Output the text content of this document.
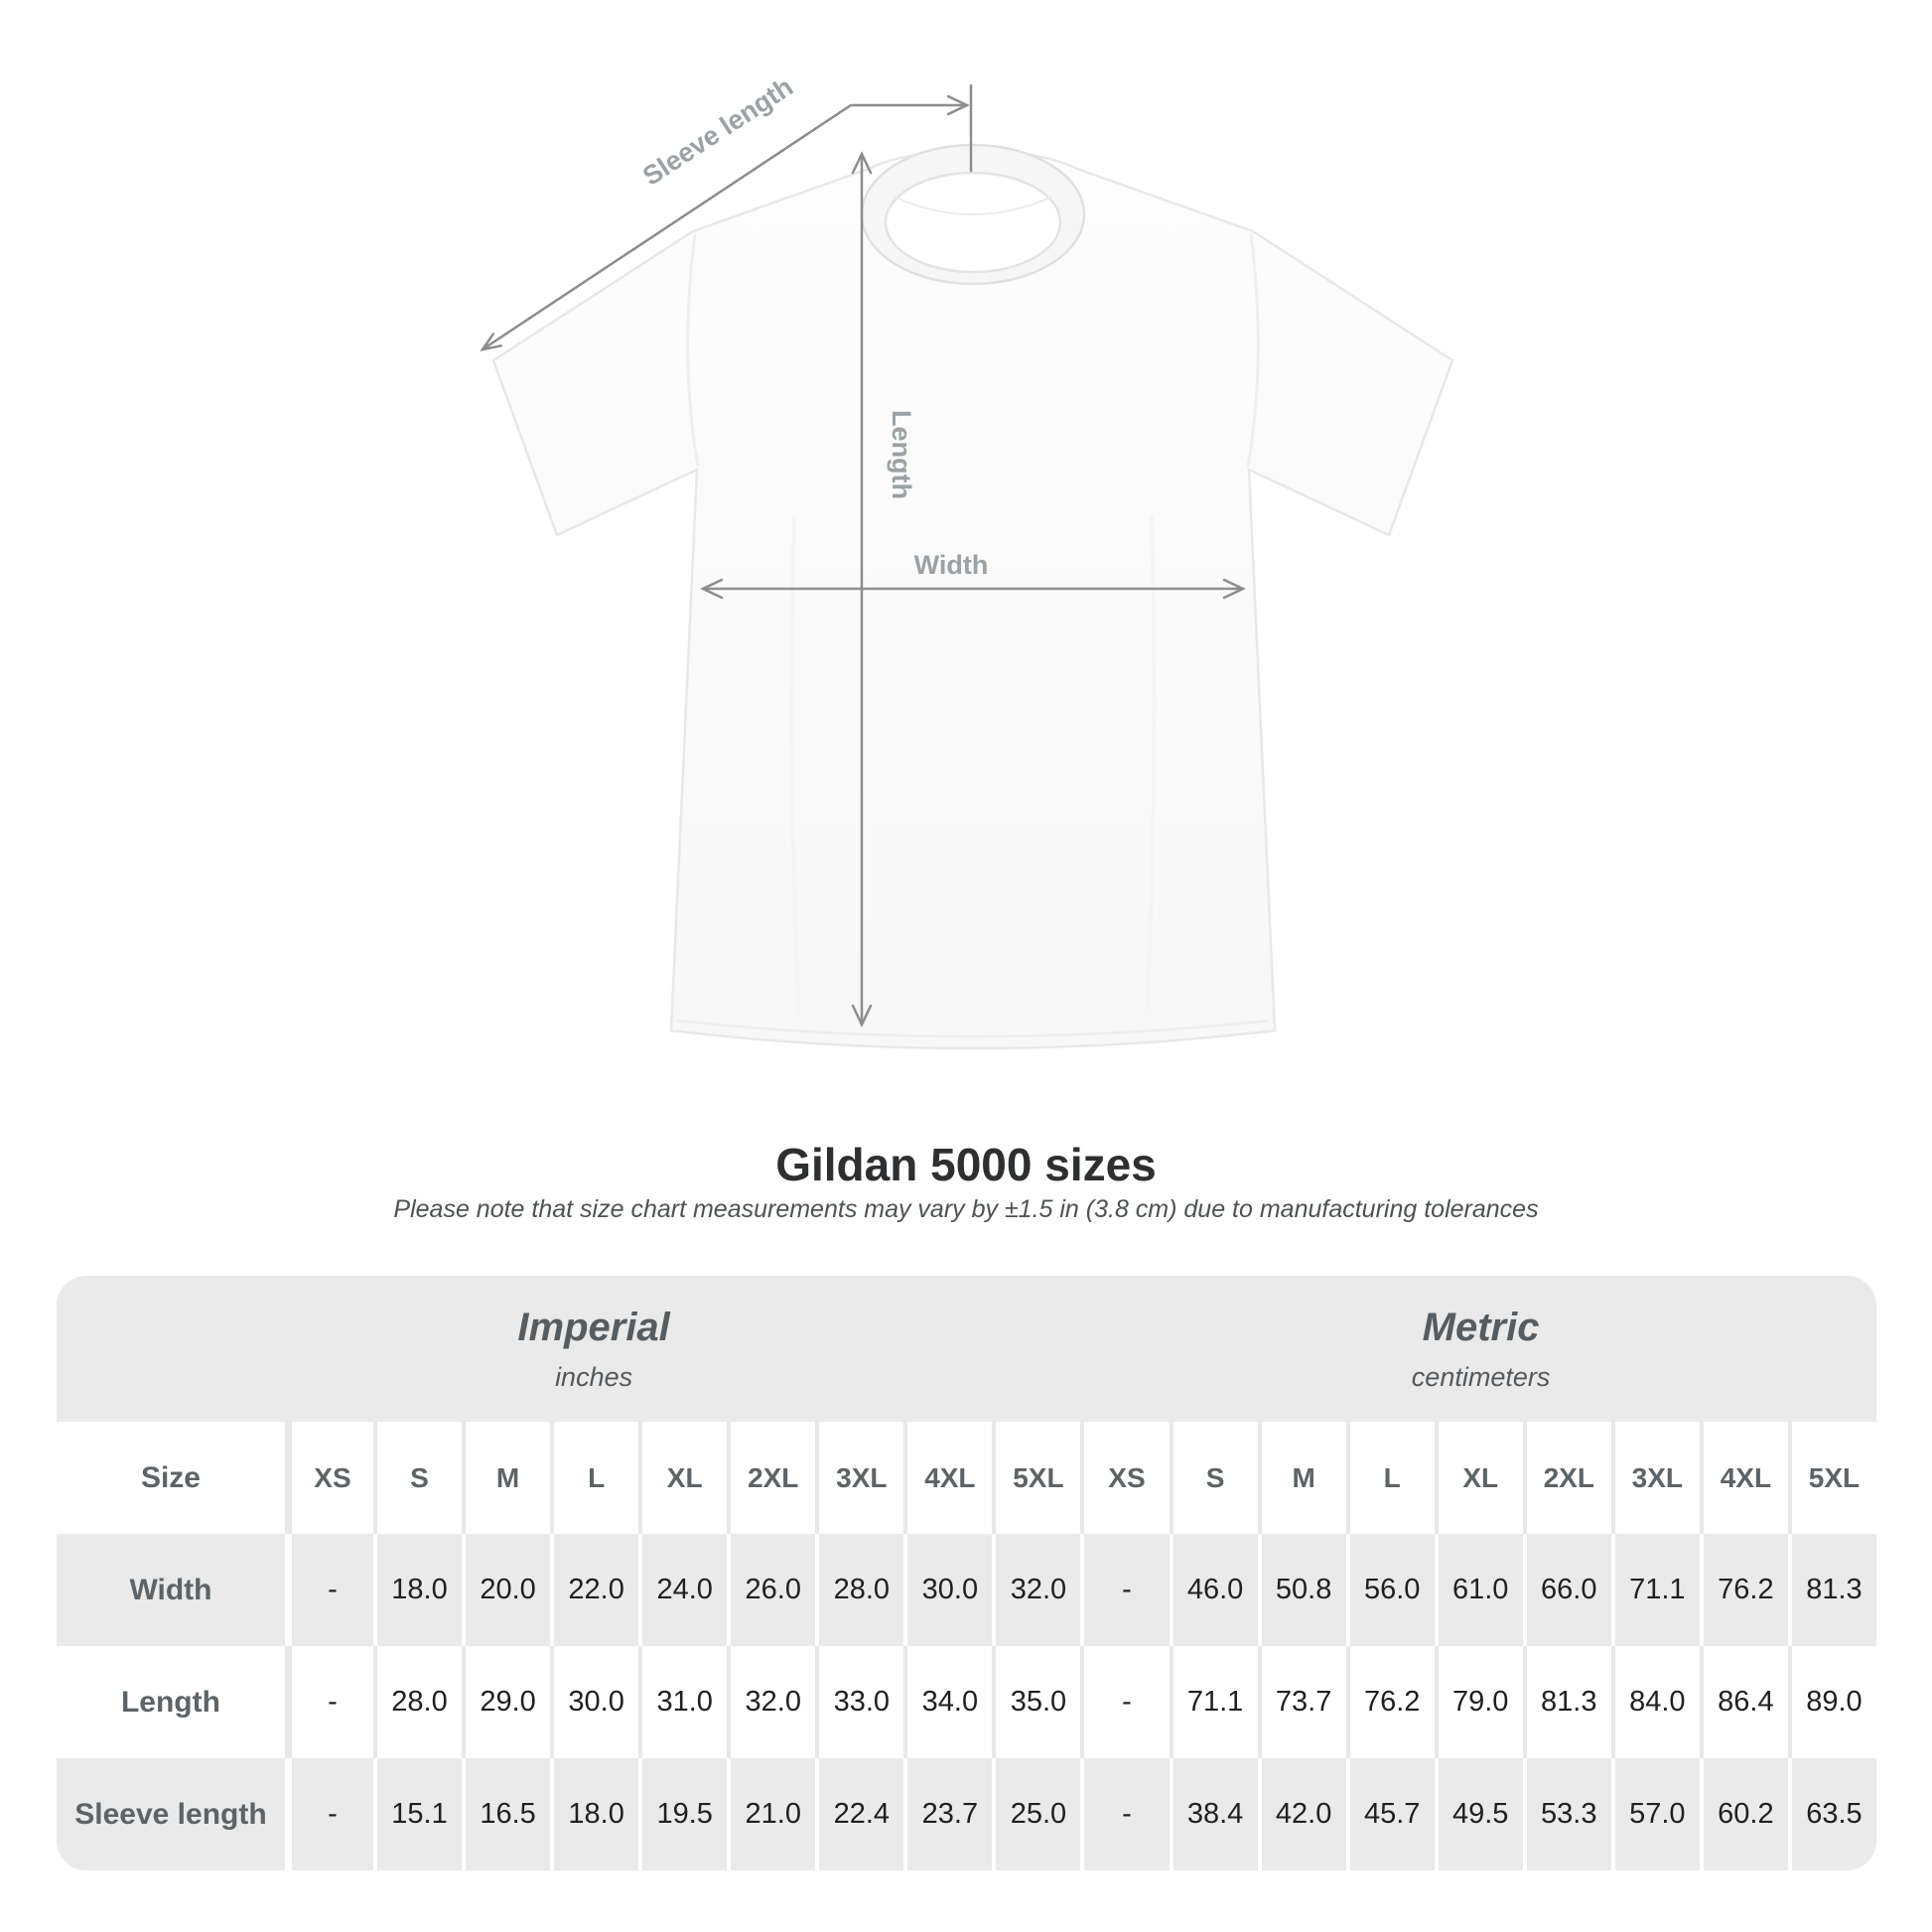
Sleeve length
Length
Width
Gildan 5000 sizes

Please note that size chart measurements may vary by ±1.5 in (3.8 cm) due to manufacturing tolerances

Imperial
inches
Metric
centimeters
Size	XS	S	M	L	XL	2XL	3XL	4XL	5XL	XS	S	M	L	XL	2XL	3XL	4XL	5XL
Width	-	18.0	20.0	22.0	24.0	26.0	28.0	30.0	32.0	-	46.0	50.8	56.0	61.0	66.0	71.1	76.2	81.3
Length	-	28.0	29.0	30.0	31.0	32.0	33.0	34.0	35.0	-	71.1	73.7	76.2	79.0	81.3	84.0	86.4	89.0
Sleeve length	-	15.1	16.5	18.0	19.5	21.0	22.4	23.7	25.0	-	38.4	42.0	45.7	49.5	53.3	57.0	60.2	63.5
